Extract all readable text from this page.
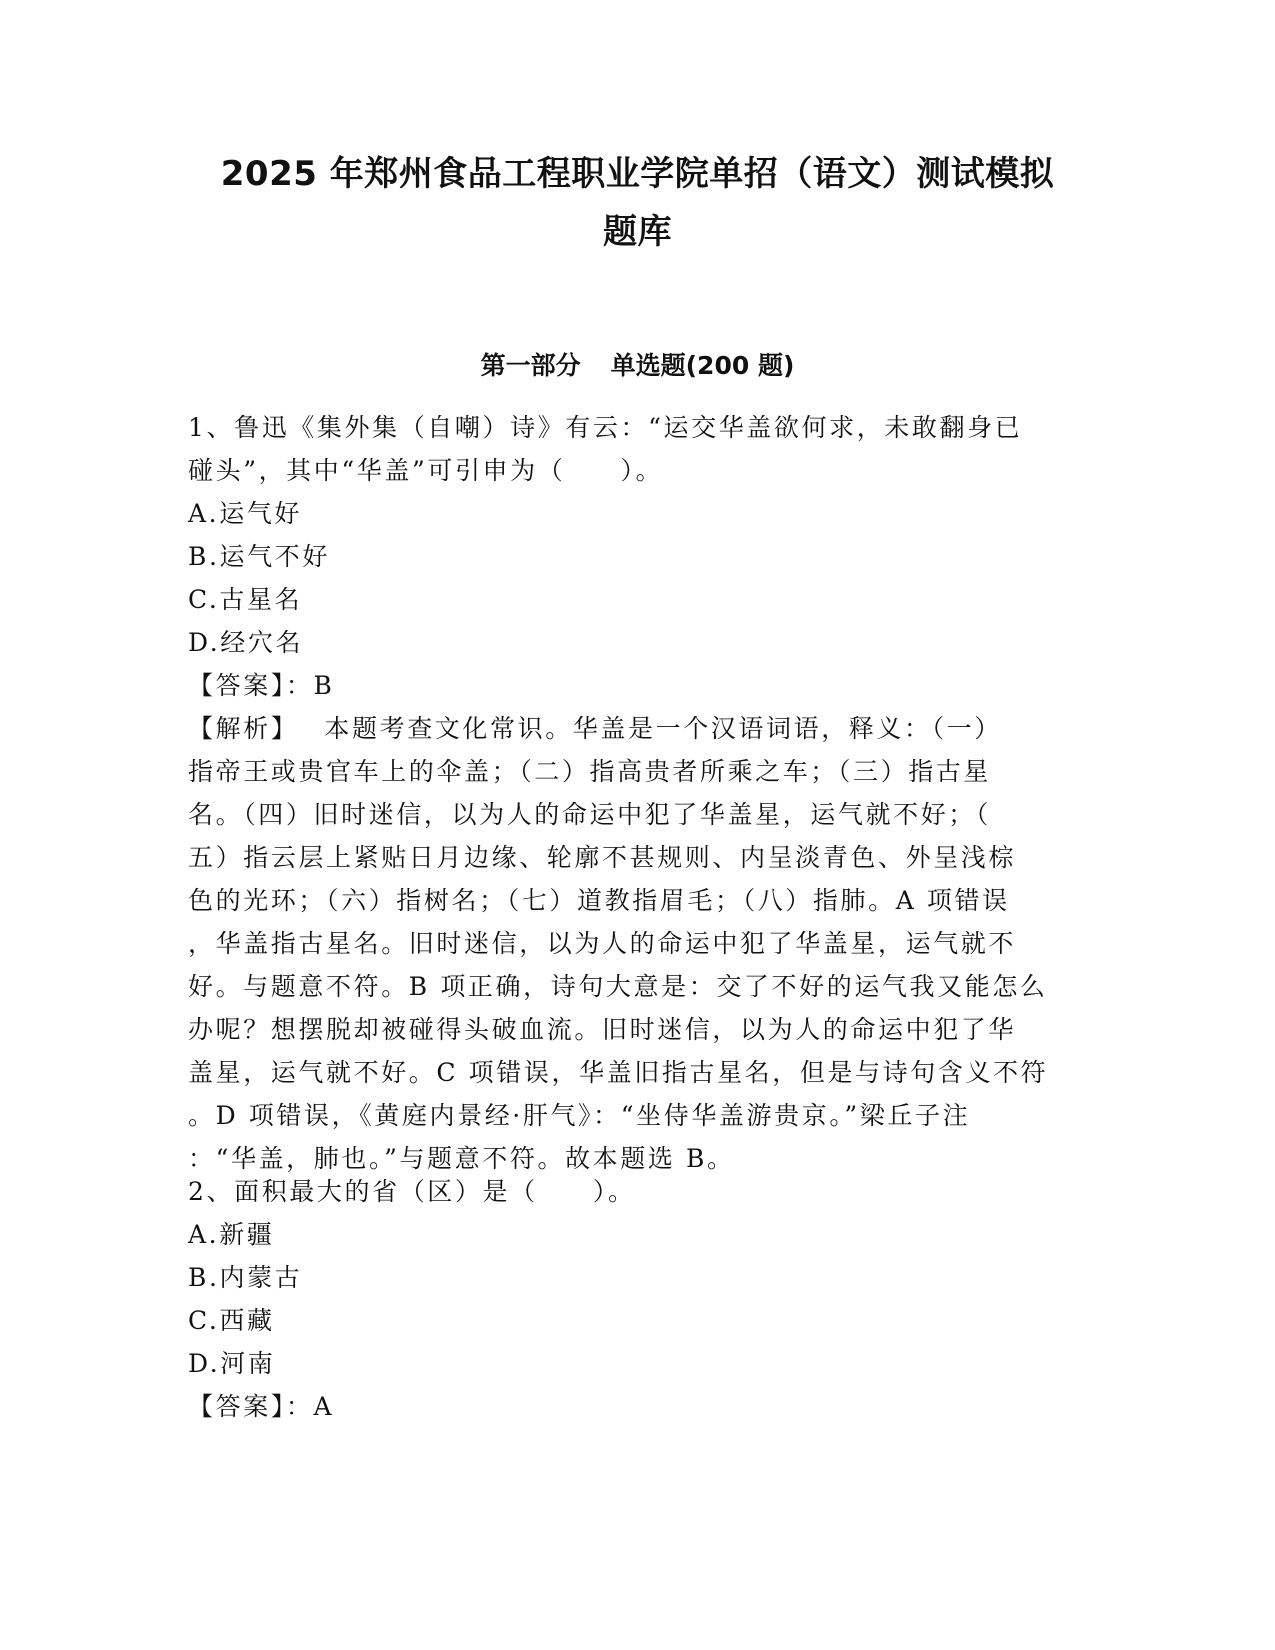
2025 年郑州食品工程职业学院单招（语文）测试模拟
题库
第一部分 单选题(200 题)
1、鲁迅《集外集（自嘲）诗》有云：“运交华盖欲何求，未敢翻身已
碰头”，其中“华盖”可引申为（　　）。
A.运气好
B.运气不好
C.古星名
D.经穴名
【答案】：B
【解析】 本题考查文化常识。华盖是一个汉语词语，释义：（一）
指帝王或贵官车上的伞盖；（二）指高贵者所乘之车；（三）指古星
名。（四）旧时迷信，以为人的命运中犯了华盖星，运气就不好；（
五）指云层上紧贴日月边缘、轮廓不甚规则、内呈淡青色、外呈浅棕
色的光环；（六）指树名；（七）道教指眉毛；（八）指肺。A 项错误
，华盖指古星名。旧时迷信，以为人的命运中犯了华盖星，运气就不
好。与题意不符。B 项正确，诗句大意是：交了不好的运气我又能怎么
办呢？想摆脱却被碰得头破血流。旧时迷信，以为人的命运中犯了华
盖星，运气就不好。C 项错误，华盖旧指古星名，但是与诗句含义不符
。D 项错误，《黄庭内景经·肝气》：“坐侍华盖游贵京。”梁丘子注
：“华盖，肺也。”与题意不符。故本题选 B。
2、面积最大的省（区）是（　　）。
A.新疆
B.内蒙古
C.西藏
D.河南
【答案】：A
